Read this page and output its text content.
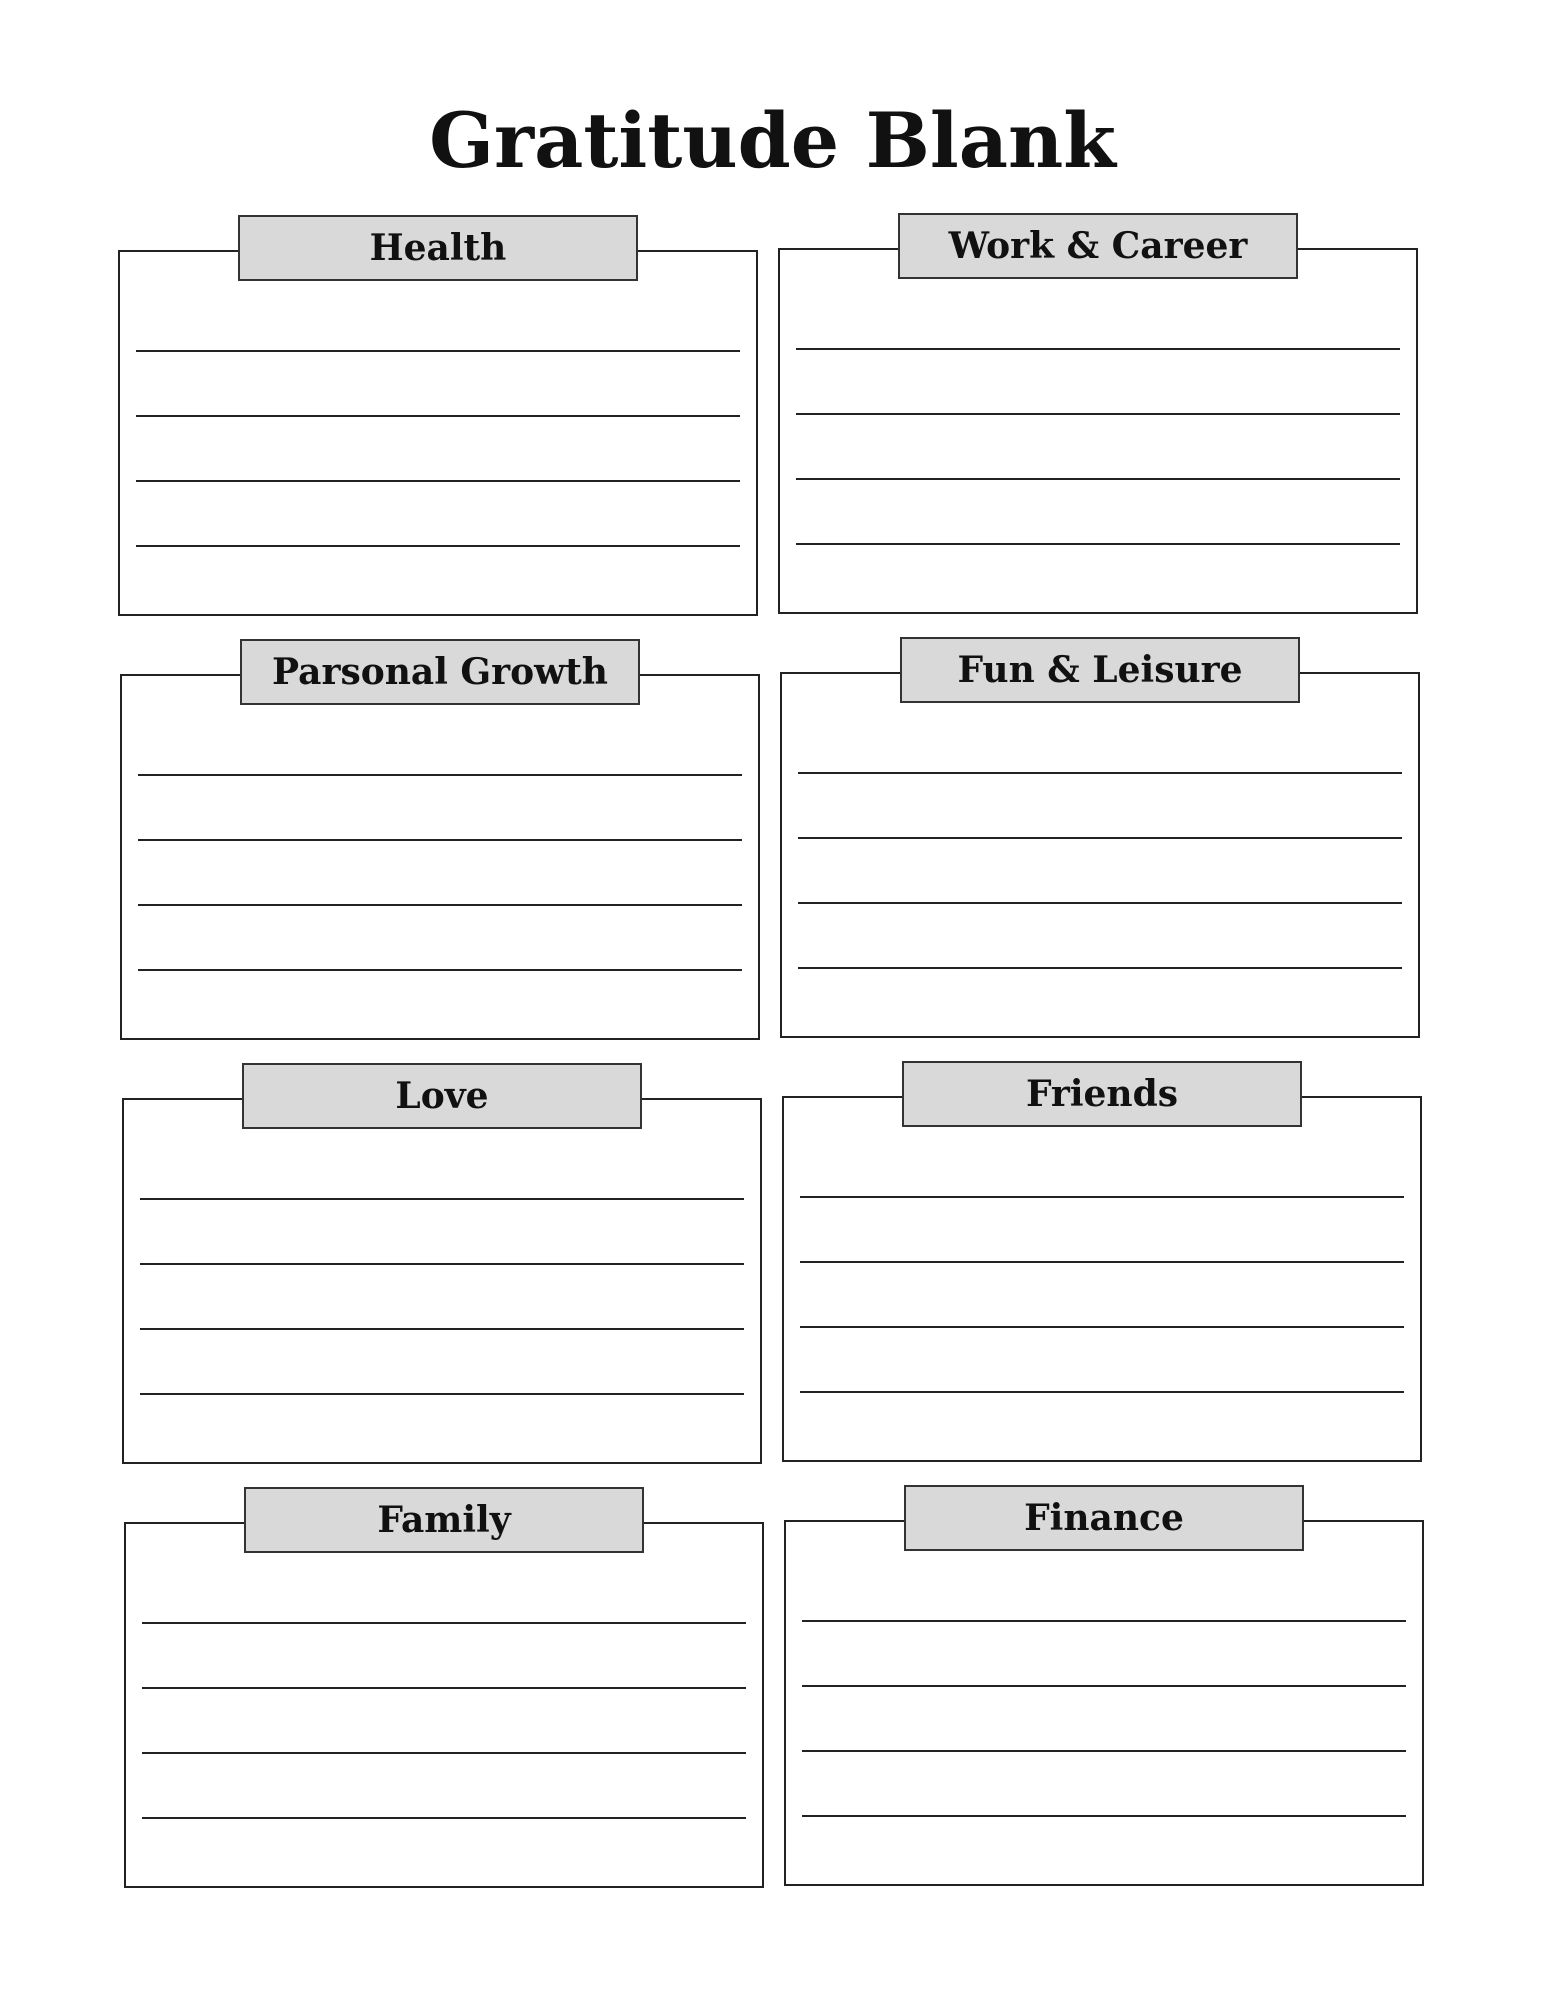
Gratitude Blank
Health	Work & Career
Parsonal Growth	Fun & Leisure
Love	Friends
Family	Finance
